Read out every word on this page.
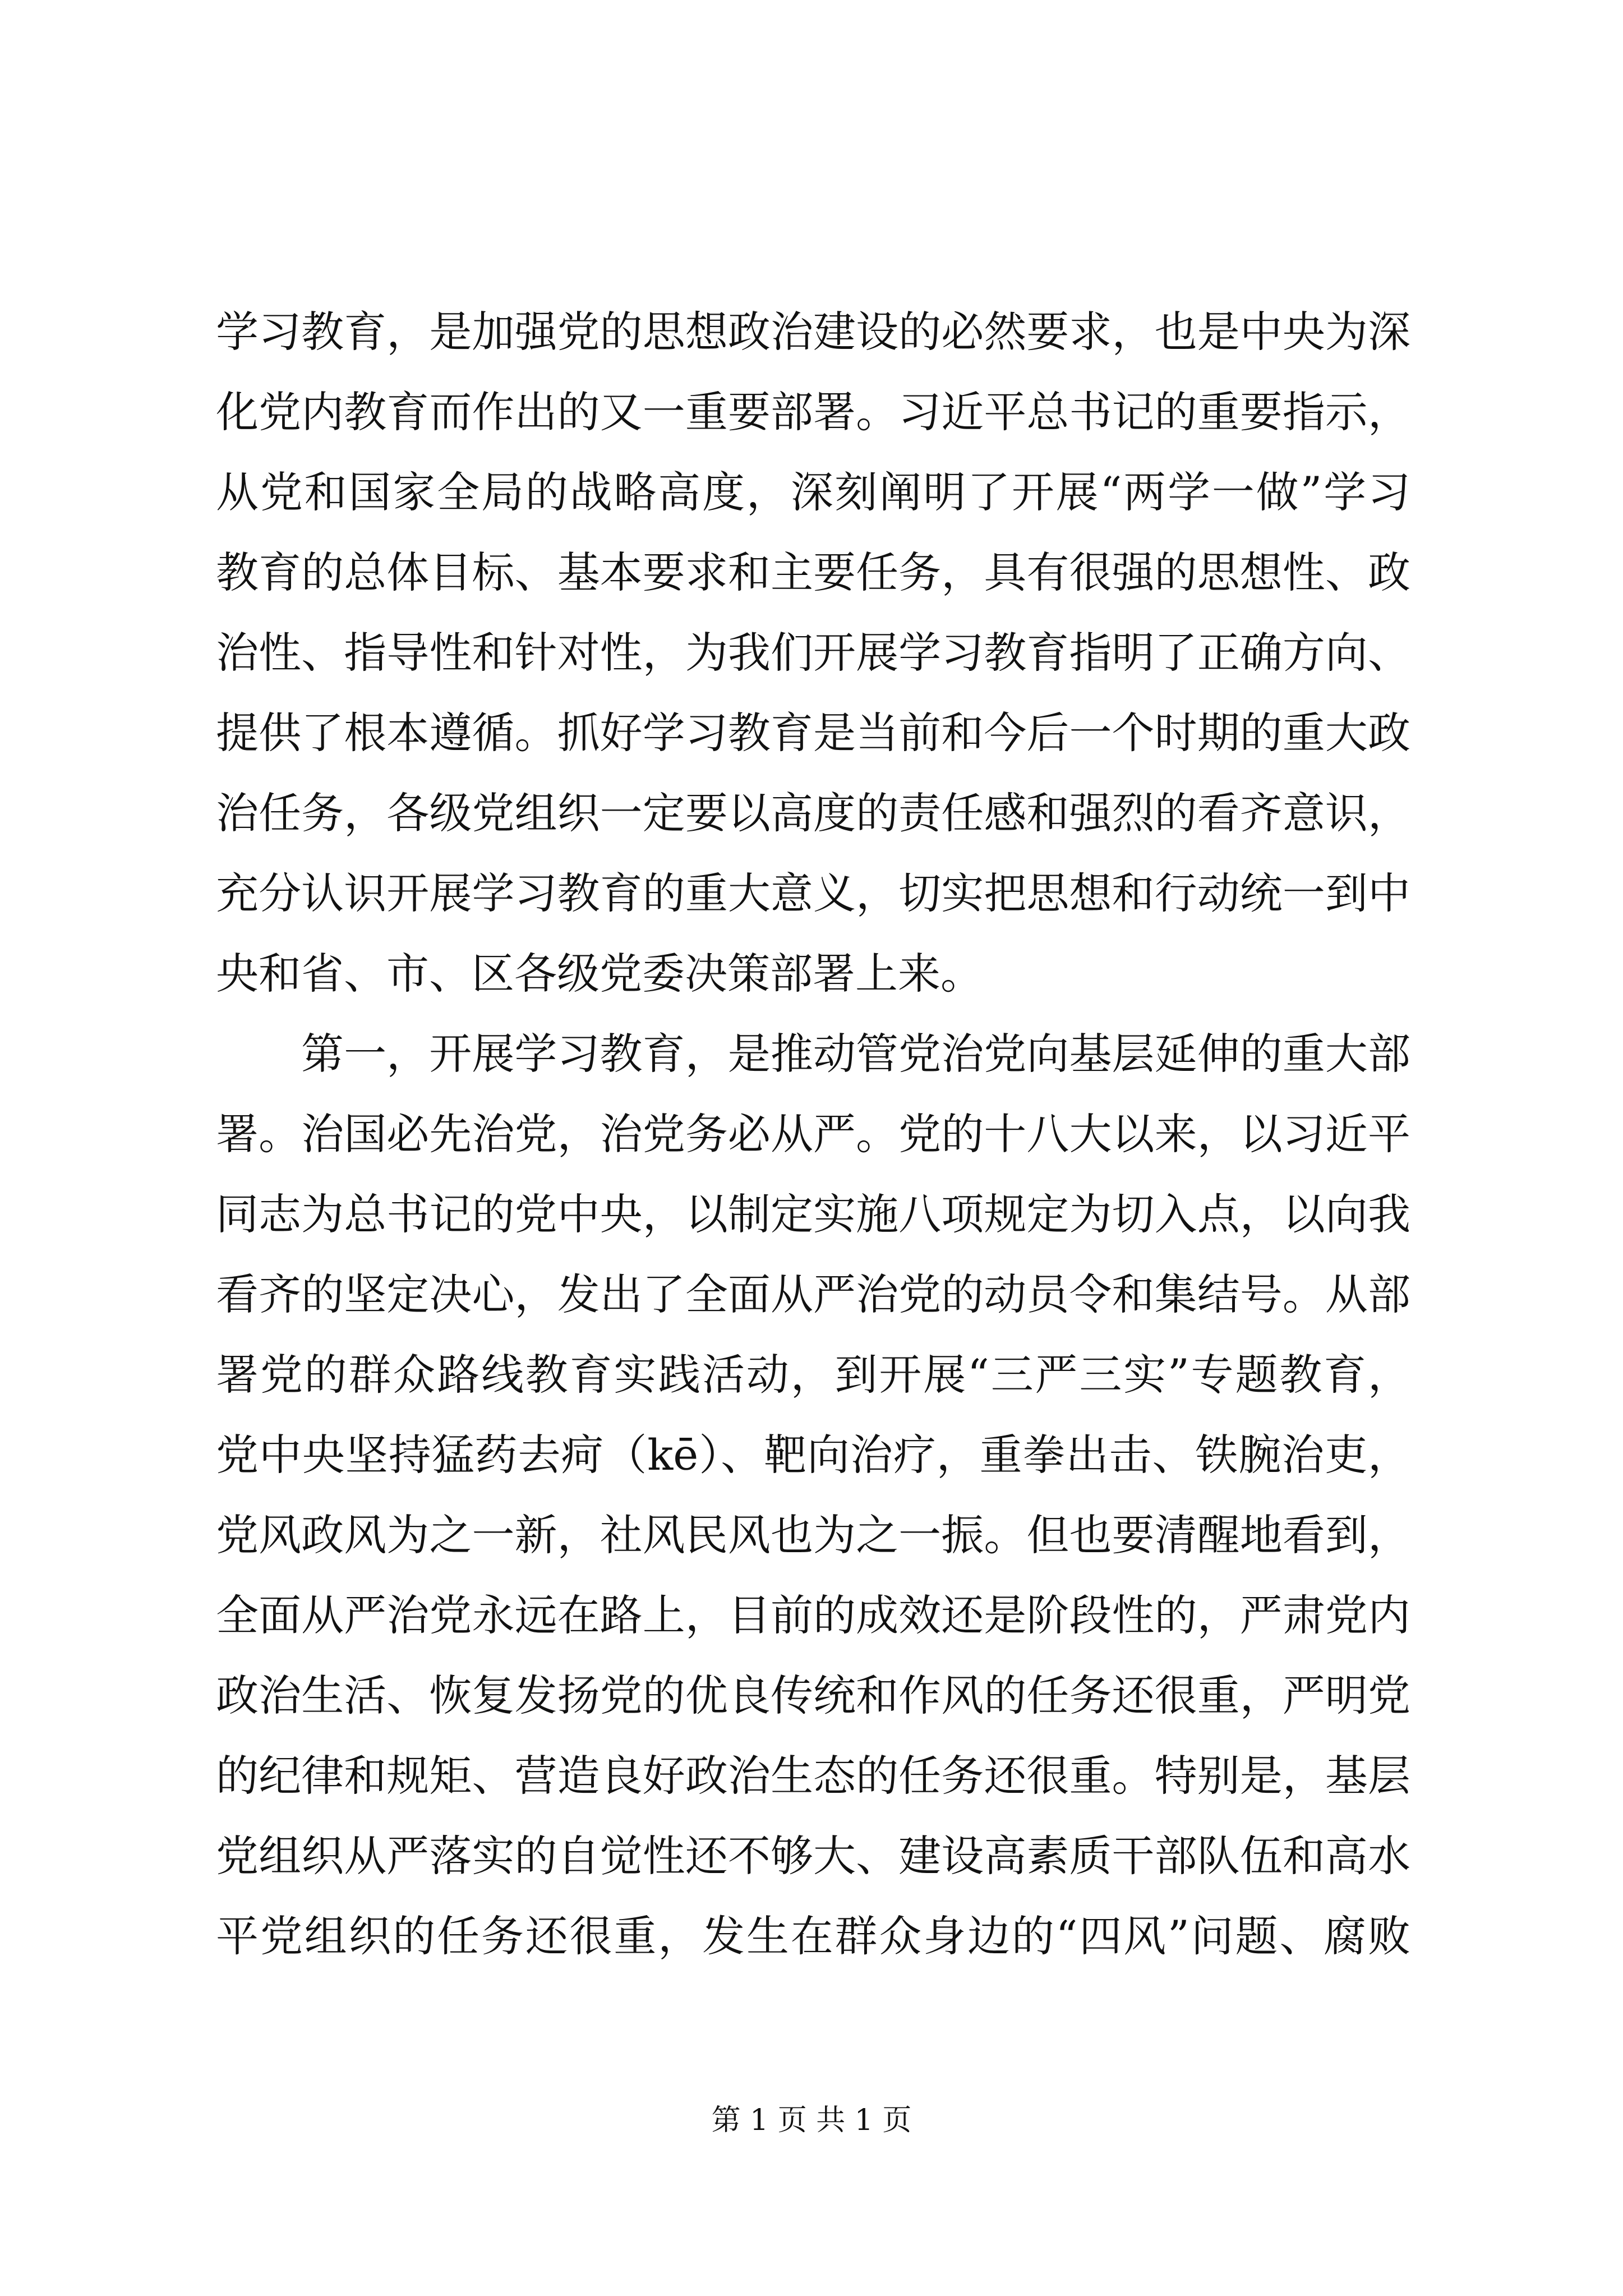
学习教育，是加强党的思想政治建设的必然要求，也是中央为深
化党内教育而作出的又一重要部署。习近平总书记的重要指示，
从党和国家全局的战略高度，深刻阐明了开展“两学一做”学习
教育的总体目标、基本要求和主要任务，具有很强的思想性、政
治性、指导性和针对性，为我们开展学习教育指明了正确方向、
提供了根本遵循。抓好学习教育是当前和今后一个时期的重大政
治任务，各级党组织一定要以高度的责任感和强烈的看齐意识，
充分认识开展学习教育的重大意义，切实把思想和行动统一到中
央和省、市、区各级党委决策部署上来。
第一，开展学习教育，是推动管党治党向基层延伸的重大部
署。治国必先治党，治党务必从严。党的十八大以来，以习近平
同志为总书记的党中央，以制定实施八项规定为切入点，以向我
看齐的坚定决心，发出了全面从严治党的动员令和集结号。从部
署党的群众路线教育实践活动，到开展“三严三实”专题教育，
党中央坚持猛药去疴（kē）、靶向治疗，重拳出击、铁腕治吏，
党风政风为之一新，社风民风也为之一振。但也要清醒地看到，
全面从严治党永远在路上，目前的成效还是阶段性的，严肃党内
政治生活、恢复发扬党的优良传统和作风的任务还很重，严明党
的纪律和规矩、营造良好政治生态的任务还很重。特别是，基层
党组织从严落实的自觉性还不够大、建设高素质干部队伍和高水
平党组织的任务还很重，发生在群众身边的“四风”问题、腐败
第 1 页 共 1 页
